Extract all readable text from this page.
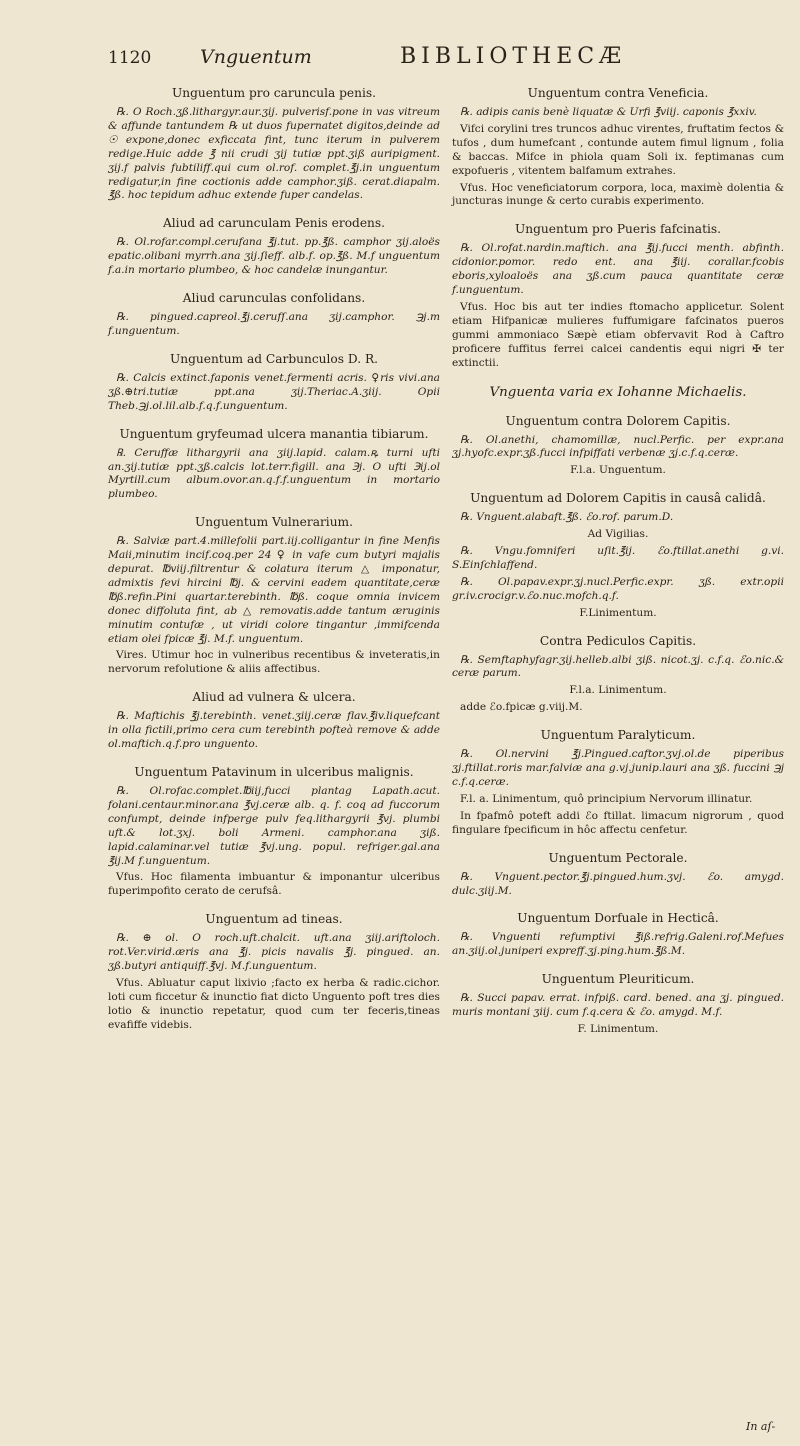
1120	Vnguentum	BIBLIOTHECÆ
Unguentum pro caruncula penis.

℞. O Roch.ʒß.lithargyr.aur.ʒij. pulverisf.pone in vas vitreum & affunde tantundem ℞ ut duos fupernatet digitos,deinde ad ☉ expone,donec exficcata fint, tunc iterum in pulverem redige.Huic adde ℥ nii crudi ʒij tutiæ ppt.ʒiß auripigment. ʒij.f palvis fubtiliff.qui cum ol.rof. complet.℥j.in unguentum redigatur,in fine coctionis adde camphor.ʒiß. cerat.diapalm. ℥ß. hoc tepidum adhuc extende fuper candelas.

Aliud ad carunculam Penis erodens.

℞. Ol.rofar.compl.cerufana ℥j.tut. pp.℥ß. camphor ʒij.aloës epatic.olibani myrrh.ana ʒij.ſieff. alb.f. op.℥ß. M.f unguentum f.a.in mortario plumbeo, & hoc candelæ inungantur.

Aliud carunculas confolidans.

℞. pingued.capreol.℥j.cerufſ.ana ʒij.camphor. ℈j.m f.unguentum.

Unguentum ad Carbunculos D. R.

℞. Calcis extinct.faponis venet.fermenti acris. ♀ris vivi.ana ʒß.⊕tri.tutiæ ppt.ana ʒij.Theriac.A.ʒiij. Opii Theb.℈j.ol.lil.alb.f.q.f.unguentum.

Unguentum gryfeumad ulcera manantia tibiarum.

℞. Ceruffæ lithargyrii ana ʒiij.lapid. calam.ꝶ turni ufti an.ʒij.tutiæ ppt.ʒß.calcis lot.terr.figill. ana ℈j. O ufti ℈ij.ol Myrtill.cum album.ovor.an.q.f.f.unguentum in mortario plumbeo.

Unguentum Vulnerarium.

℞. Salviæ part.4.millefolii part.iij.colligantur in fine Menfis Maii,minutim incif.coq.per 24 ♀ in vafe cum butyri majalis depurat. ℔viij.filtrentur & colatura iterum △ imponatur, admixtis fevi hircini ℔j. & cervini eadem quantitate,ceræ ℔ß.refin.Pini quartar.terebinth. ℔ß. coque omnia invicem donec diffoluta fint, ab △ removatis.adde tantum æruginis minutim contufæ , ut viridi colore tingantur ,immifcenda etiam olei fpicæ ℥j. M.f. unguentum.

Vires. Utimur hoc in vulneribus recentibus & inveteratis,in nervorum refolutione & aliis affectibus.

Aliud ad vulnera & ulcera.

℞. Maftichis ℥j.terebinth. venet.ʒiij.ceræ flav.℥iv.liquefcant in olla fictili,primo cera cum terebinth pofteà remove & adde ol.maftich.q.f.pro unguento.

Unguentum Patavinum in ulceribus malignis.

℞. Ol.rofac.complet.℔iij,fucci plantag Lapath.acut. folani.centaur.minor.ana ℥vj.ceræ alb. q. f. coq ad fuccorum confumpt, deinde infperge pulv feq.lithargyrii ℥vj. plumbi uft.& lot.ʒxj. boli Armeni. camphor.ana ʒiß. lapid.calaminar.vel tutiæ ℥vj.ung. popul. refriger.gal.ana ℥ij.M f.unguentum.

Vfus. Hoc filamenta imbuantur & imponantur ulceribus fuperimpofito cerato de cerufsâ.

Unguentum ad tineas.

℞. ⊕ ol. O roch.uft.chalcit. uft.ana ʒiij.ariftoloch. rot.Ver.virid.æris ana ℥j. picis navalis ℥j. pingued. an. ʒß.butyri antiquiff.℥vj. M.f.unguentum.

Vfus. Abluatur caput lixivio ;facto ex herba & radic.cichor. loti cum ficcetur & inunctio fiat dicto Unguento poft tres dies lotio & inunctio repetatur, quod cum ter feceris,tineas evafiffe videbis.

Unguentum contra Veneficia.

℞. adipis canis benè liquatæ & Urfi ℥viij. caponis ℥xxiv.

Vifci corylini tres truncos adhuc virentes, fruftatim fectos & tufos , dum humefcant , contunde autem fimul lignum , folia & baccas. Mifce in phiola quam Soli ix. feptimanas cum expofueris , vitentem balfamum extrahes.

Vfus. Hoc veneficiatorum corpora, loca, maximè dolentia & juncturas inunge & certo curabis experimento.

Unguentum pro Pueris fafcinatis.

℞. Ol.rofat.nardin.maftich. ana ℥ij.fucci menth. abfinth. cidonior.pomor. redo ent. ana ℥iij. corallar.fcobis eboris,xyloaloës ana ʒß.cum pauca quantitate ceræ f.unguentum.

Vfus. Hoc bis aut ter indies ftomacho applicetur. Solent etiam Hifpanicæ mulieres fuffumigare fafcinatos pueros gummi ammoniaco Sæpè etiam obfervavit Rod à Caftro proficere fuffitus ferrei calcei candentis equi nigri ✠ ter extinctii.

Vnguenta varia ex Iohanne Michaelis.
Unguentum contra Dolorem Capitis.

℞. Ol.anethi, chamomillæ, nucl.Perfic. per expr.ana ʒj.hyofc.expr.ʒß.fucci infpiffati verbenæ ʒj.c.f.q.ceræ.

F.l.a. Unguentum.

Unguentum ad Dolorem Capitis in causâ calidâ.

℞. Vnguent.alabaft.℥ß. ℰo.rof. parum.D.

Ad Vigilias.

℞. Vngu.fomniferi uſit.℥ij. ℰo.ftillat.anethi g.vi. S.Einſchlaffend.

℞. Ol.papav.expr.ʒj.nucl.Perfic.expr. ʒß. extr.opii gr.iv.crocigr.v.ℰo.nuc.mofch.q.f.

F.Linimentum.

Contra Pediculos Capitis.

℞. Semftaphyfagr.ʒij.helleb.albi ʒiß. nicot.ʒj. c.f.q. ℰo.nic.& ceræ parum.

F.l.a. Linimentum.

adde ℰo.fpicæ g.viij.M.

Unguentum Paralyticum.

℞. Ol.nervini ℥j.Pingued.caftor.ʒvj.ol.de piperibus ʒj.ftillat.roris mar.falviæ ana g.vj.junip.lauri ana ʒß. fuccini ℈j c.f.q.ceræ.

F.l. a. Linimentum, quô principium Nervorum illinatur.

In fpafmô poteft addi ℰo ftillat. limacum nigrorum , quod fingulare fpecificum in hôc affectu cenfetur.

Unguentum Pectorale.

℞. Vnguent.pector.℥j.pingued.hum.ʒvj. ℰo. amygd. dulc.ʒiij.M.

Unguentum Dorfuale in Hecticâ.

℞. Vnguenti refumptivi ℥iß.refrig.Galeni.rof.Mefues an.ʒiij.ol.juniperi expreff.ʒj.ping.hum.℥ß.M.

Unguentum Pleuriticum.

℞. Succi papav. errat. infpiß. card. bened. ana ʒj. pingued. muris montani ʒiij. cum f.q.cera & ℰo. amygd. M.f.

F. Linimentum.

In aſ-
